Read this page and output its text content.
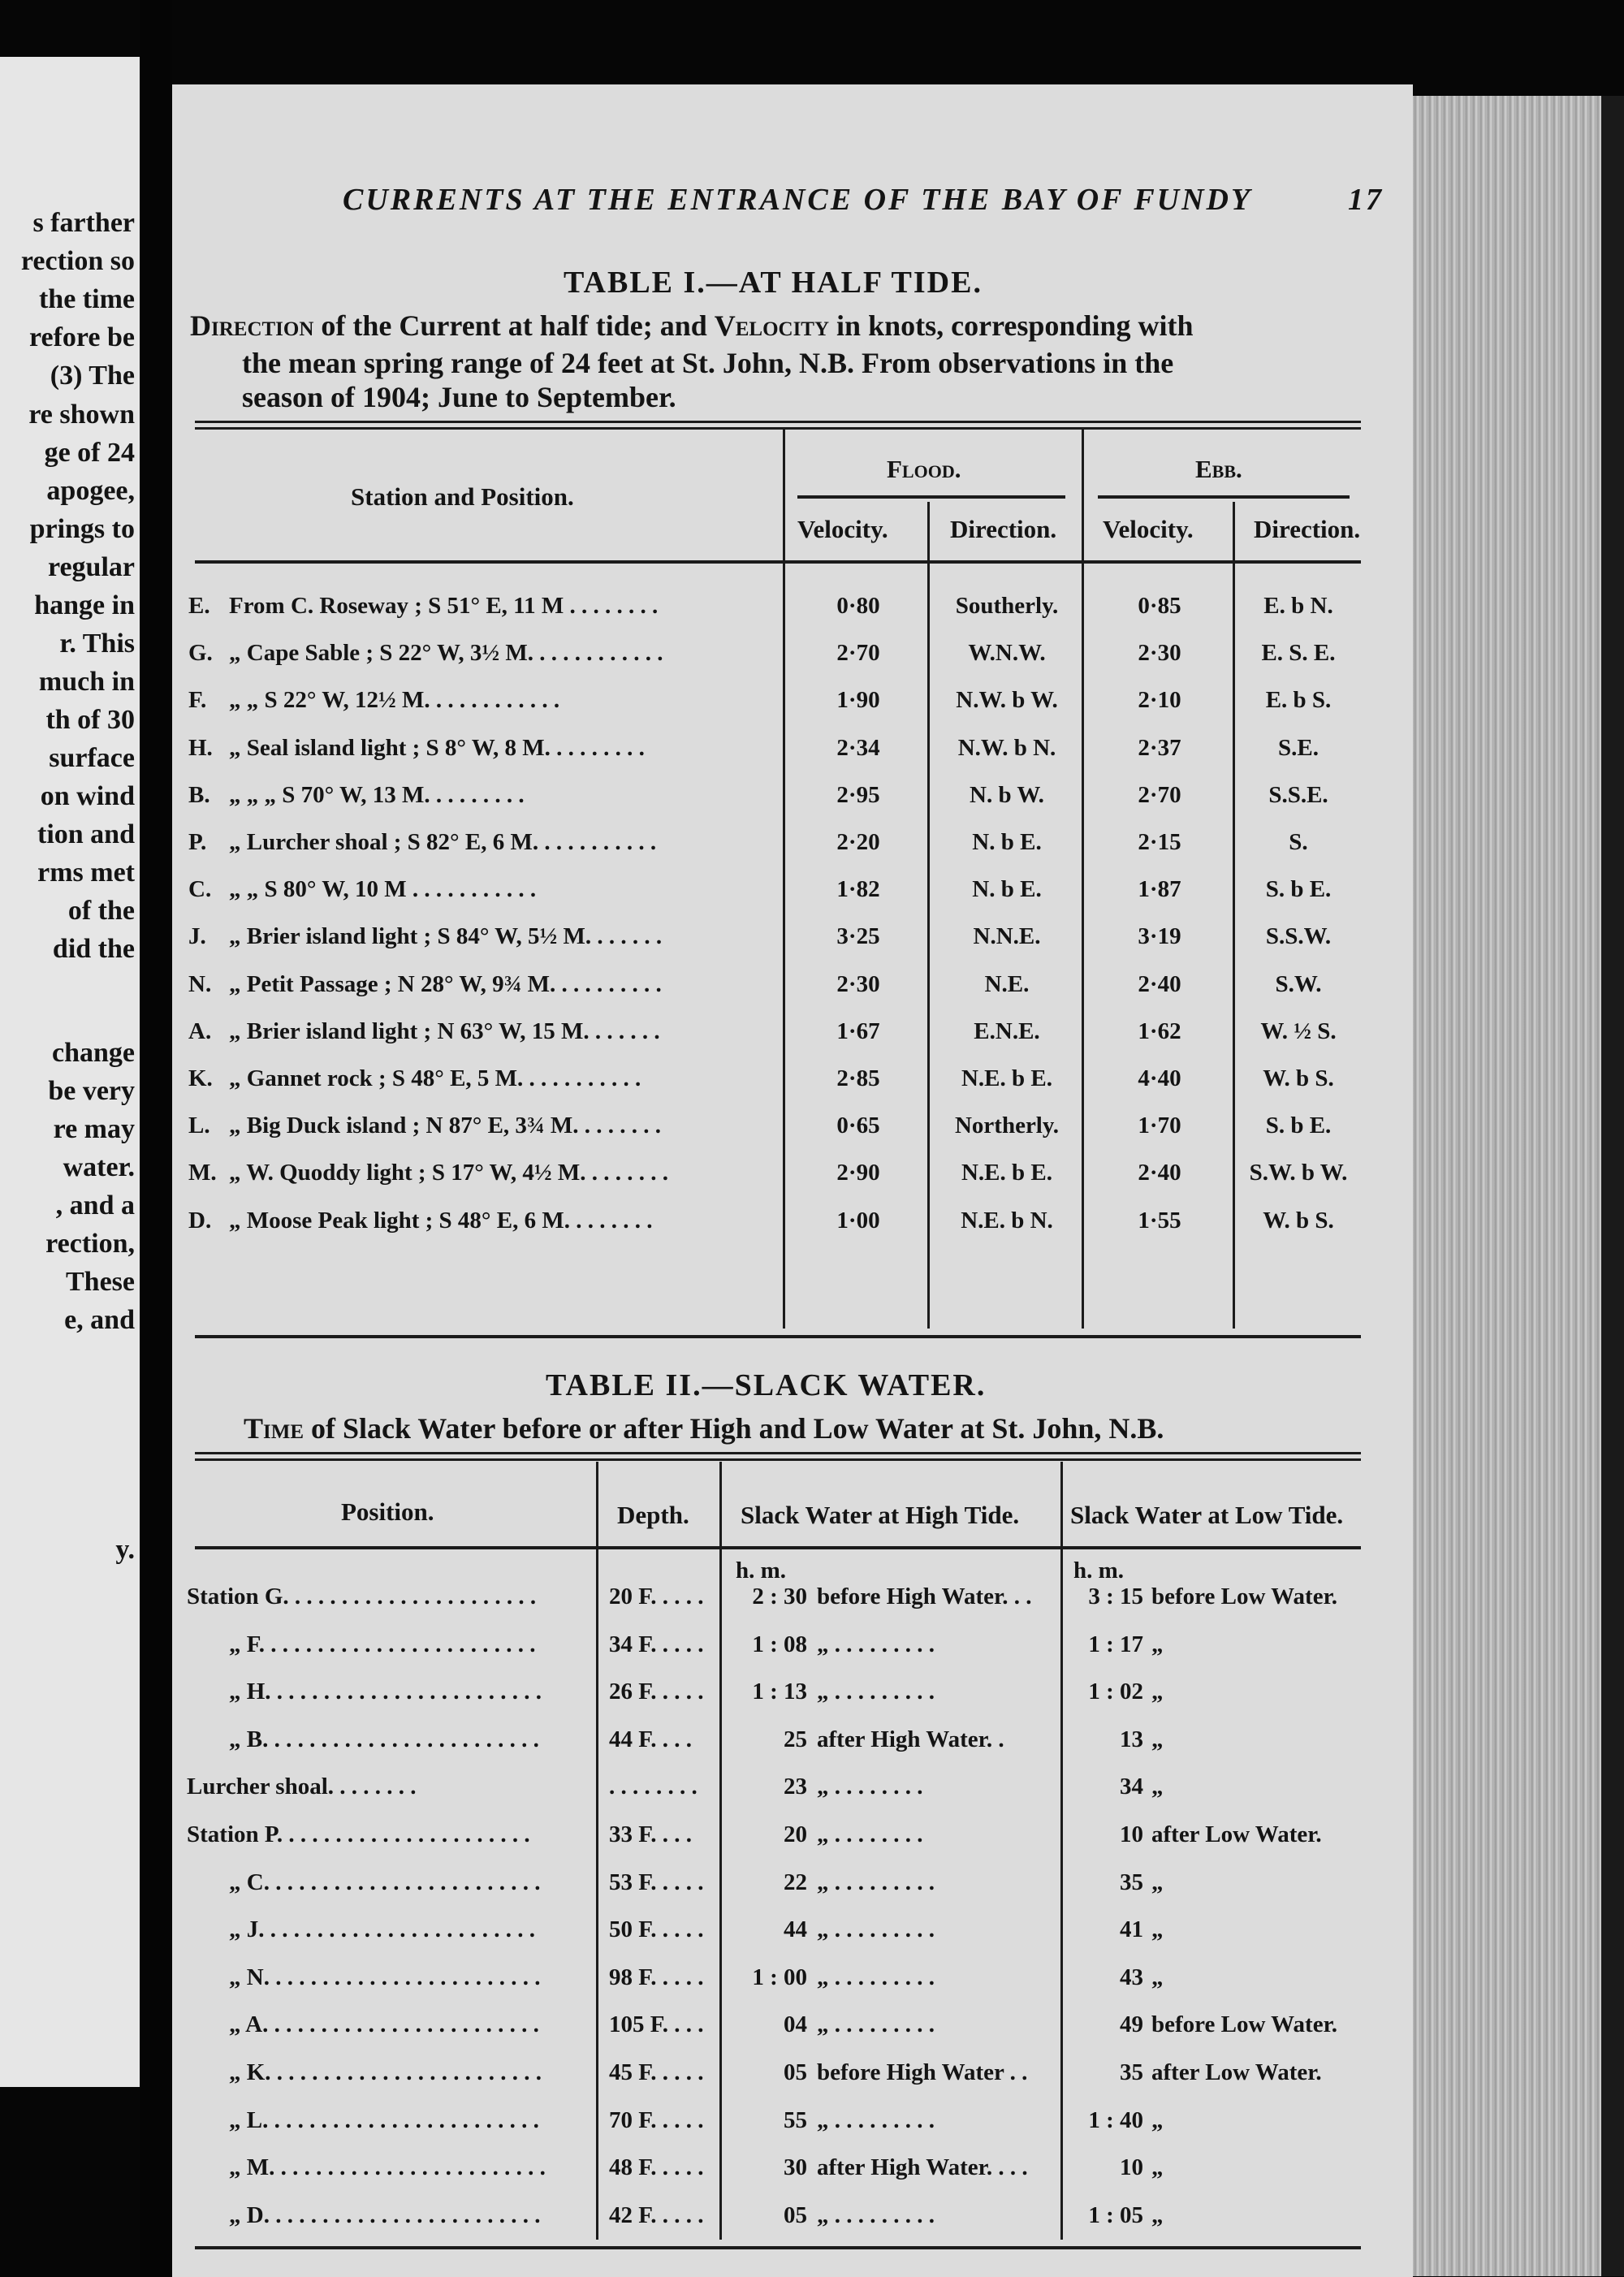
s farther
rection so
the time
refore be
(3) The
re shown
ge of 24
apogee,
prings to
regular
hange in
r. This
much in
th of 30
surface
on wind
tion and
rms met
of the
did the
change
be very
re may
water.
, and a
rection,
These
e, and
y.
CURRENTS AT THE ENTRANCE OF THE BAY OF FUNDY	17
TABLE I.—AT HALF TIDE.
Direction of the Current at half tide; and Velocity in knots, corresponding with
the mean spring range of 24 feet at St. John, N.B. From observations in the
season of 1904; June to September.
Station and Position.
Flood.	Ebb.
Velocity. Direction. Velocity. Direction.
E. From C. Roseway ; S 51° E, 11 M . . . . . . . .	0·80	Southerly.	0·85	E. b N.
G. „ Cape Sable ; S 22° W, 3½ M. . . . . . . . . . . .	2·70	W.N.W.	2·30	E. S. E.
F. „ „ S 22° W, 12½ M. . . . . . . . . . . .	1·90	N.W. b W.	2·10	E. b S.
H. „ Seal island light ; S 8° W, 8 M. . . . . . . . .	2·34	N.W. b N.	2·37	S.E.
B. „ „ „ S 70° W, 13 M. . . . . . . . .	2·95	N. b W.	2·70	S.S.E.
P. „ Lurcher shoal ; S 82° E, 6 M. . . . . . . . . . .	2·20	N. b E.	2·15	S.
C. „ „ S 80° W, 10 M . . . . . . . . . . .	1·82	N. b E.	1·87	S. b E.
J. „ Brier island light ; S 84° W, 5½ M. . . . . . .	3·25	N.N.E.	3·19	S.S.W.
N. „ Petit Passage ; N 28° W, 9¾ M. . . . . . . . . .	2·30	N.E.	2·40	S.W.
A. „ Brier island light ; N 63° W, 15 M. . . . . . .	1·67	E.N.E.	1·62	W. ½ S.
K. „ Gannet rock ; S 48° E, 5 M. . . . . . . . . . .	2·85	N.E. b E.	4·40	W. b S.
L. „ Big Duck island ; N 87° E, 3¾ M. . . . . . . .	0·65	Northerly.	1·70	S. b E.
M. „ W. Quoddy light ; S 17° W, 4½ M. . . . . . . .	2·90	N.E. b E.	2·40	S.W. b W.
D. „ Moose Peak light ; S 48° E, 6 M. . . . . . . .	1·00	N.E. b N.	1·55	W. b S.
TABLE II.—SLACK WATER.
Time of Slack Water before or after High and Low Water at St. John, N.B.
Position.	Depth. Slack Water at High Tide. Slack Water at Low Tide.
h. m.	h. m.
Station G. . . . . . . . . . . . . . . . . . . . . .	20 F. . . . .	2 : 30 before High Water. . .	3 : 15 before Low Water.
„ F. . . . . . . . . . . . . . . . . . . . . . . .	34 F. . . . .	1 : 08 „ . . . . . . . . .	1 : 17 „
„ H. . . . . . . . . . . . . . . . . . . . . . . .	26 F. . . . .	1 : 13 „ . . . . . . . . .	1 : 02 „
„ B. . . . . . . . . . . . . . . . . . . . . . . .	44 F. . . .	25 after High Water. .	13 „
Lurcher shoal. . . . . . . .	. . . . . . . .	23 „ . . . . . . . .	34 „
Station P. . . . . . . . . . . . . . . . . . . . . .	33 F. . . .	20 „ . . . . . . . .	10 after Low Water.
„ C. . . . . . . . . . . . . . . . . . . . . . . .	53 F. . . . .	22 „ . . . . . . . . .	35 „
„ J. . . . . . . . . . . . . . . . . . . . . . . .	50 F. . . . .	44 „ . . . . . . . . .	41 „
„ N. . . . . . . . . . . . . . . . . . . . . . . .	98 F. . . . .	1 : 00 „ . . . . . . . . .	43 „
„ A. . . . . . . . . . . . . . . . . . . . . . . .	105 F. . . .	04 „ . . . . . . . . .	49 before Low Water.
„ K. . . . . . . . . . . . . . . . . . . . . . . .	45 F. . . . .	05 before High Water . .	35 after Low Water.
„ L. . . . . . . . . . . . . . . . . . . . . . . .	70 F. . . . .	55 „ . . . . . . . . .	1 : 40 „
„ M. . . . . . . . . . . . . . . . . . . . . . . .	48 F. . . . .	30 after High Water. . . .	10 „
„ D. . . . . . . . . . . . . . . . . . . . . . . .	42 F. . . . .	05 „ . . . . . . . . .	1 : 05 „
